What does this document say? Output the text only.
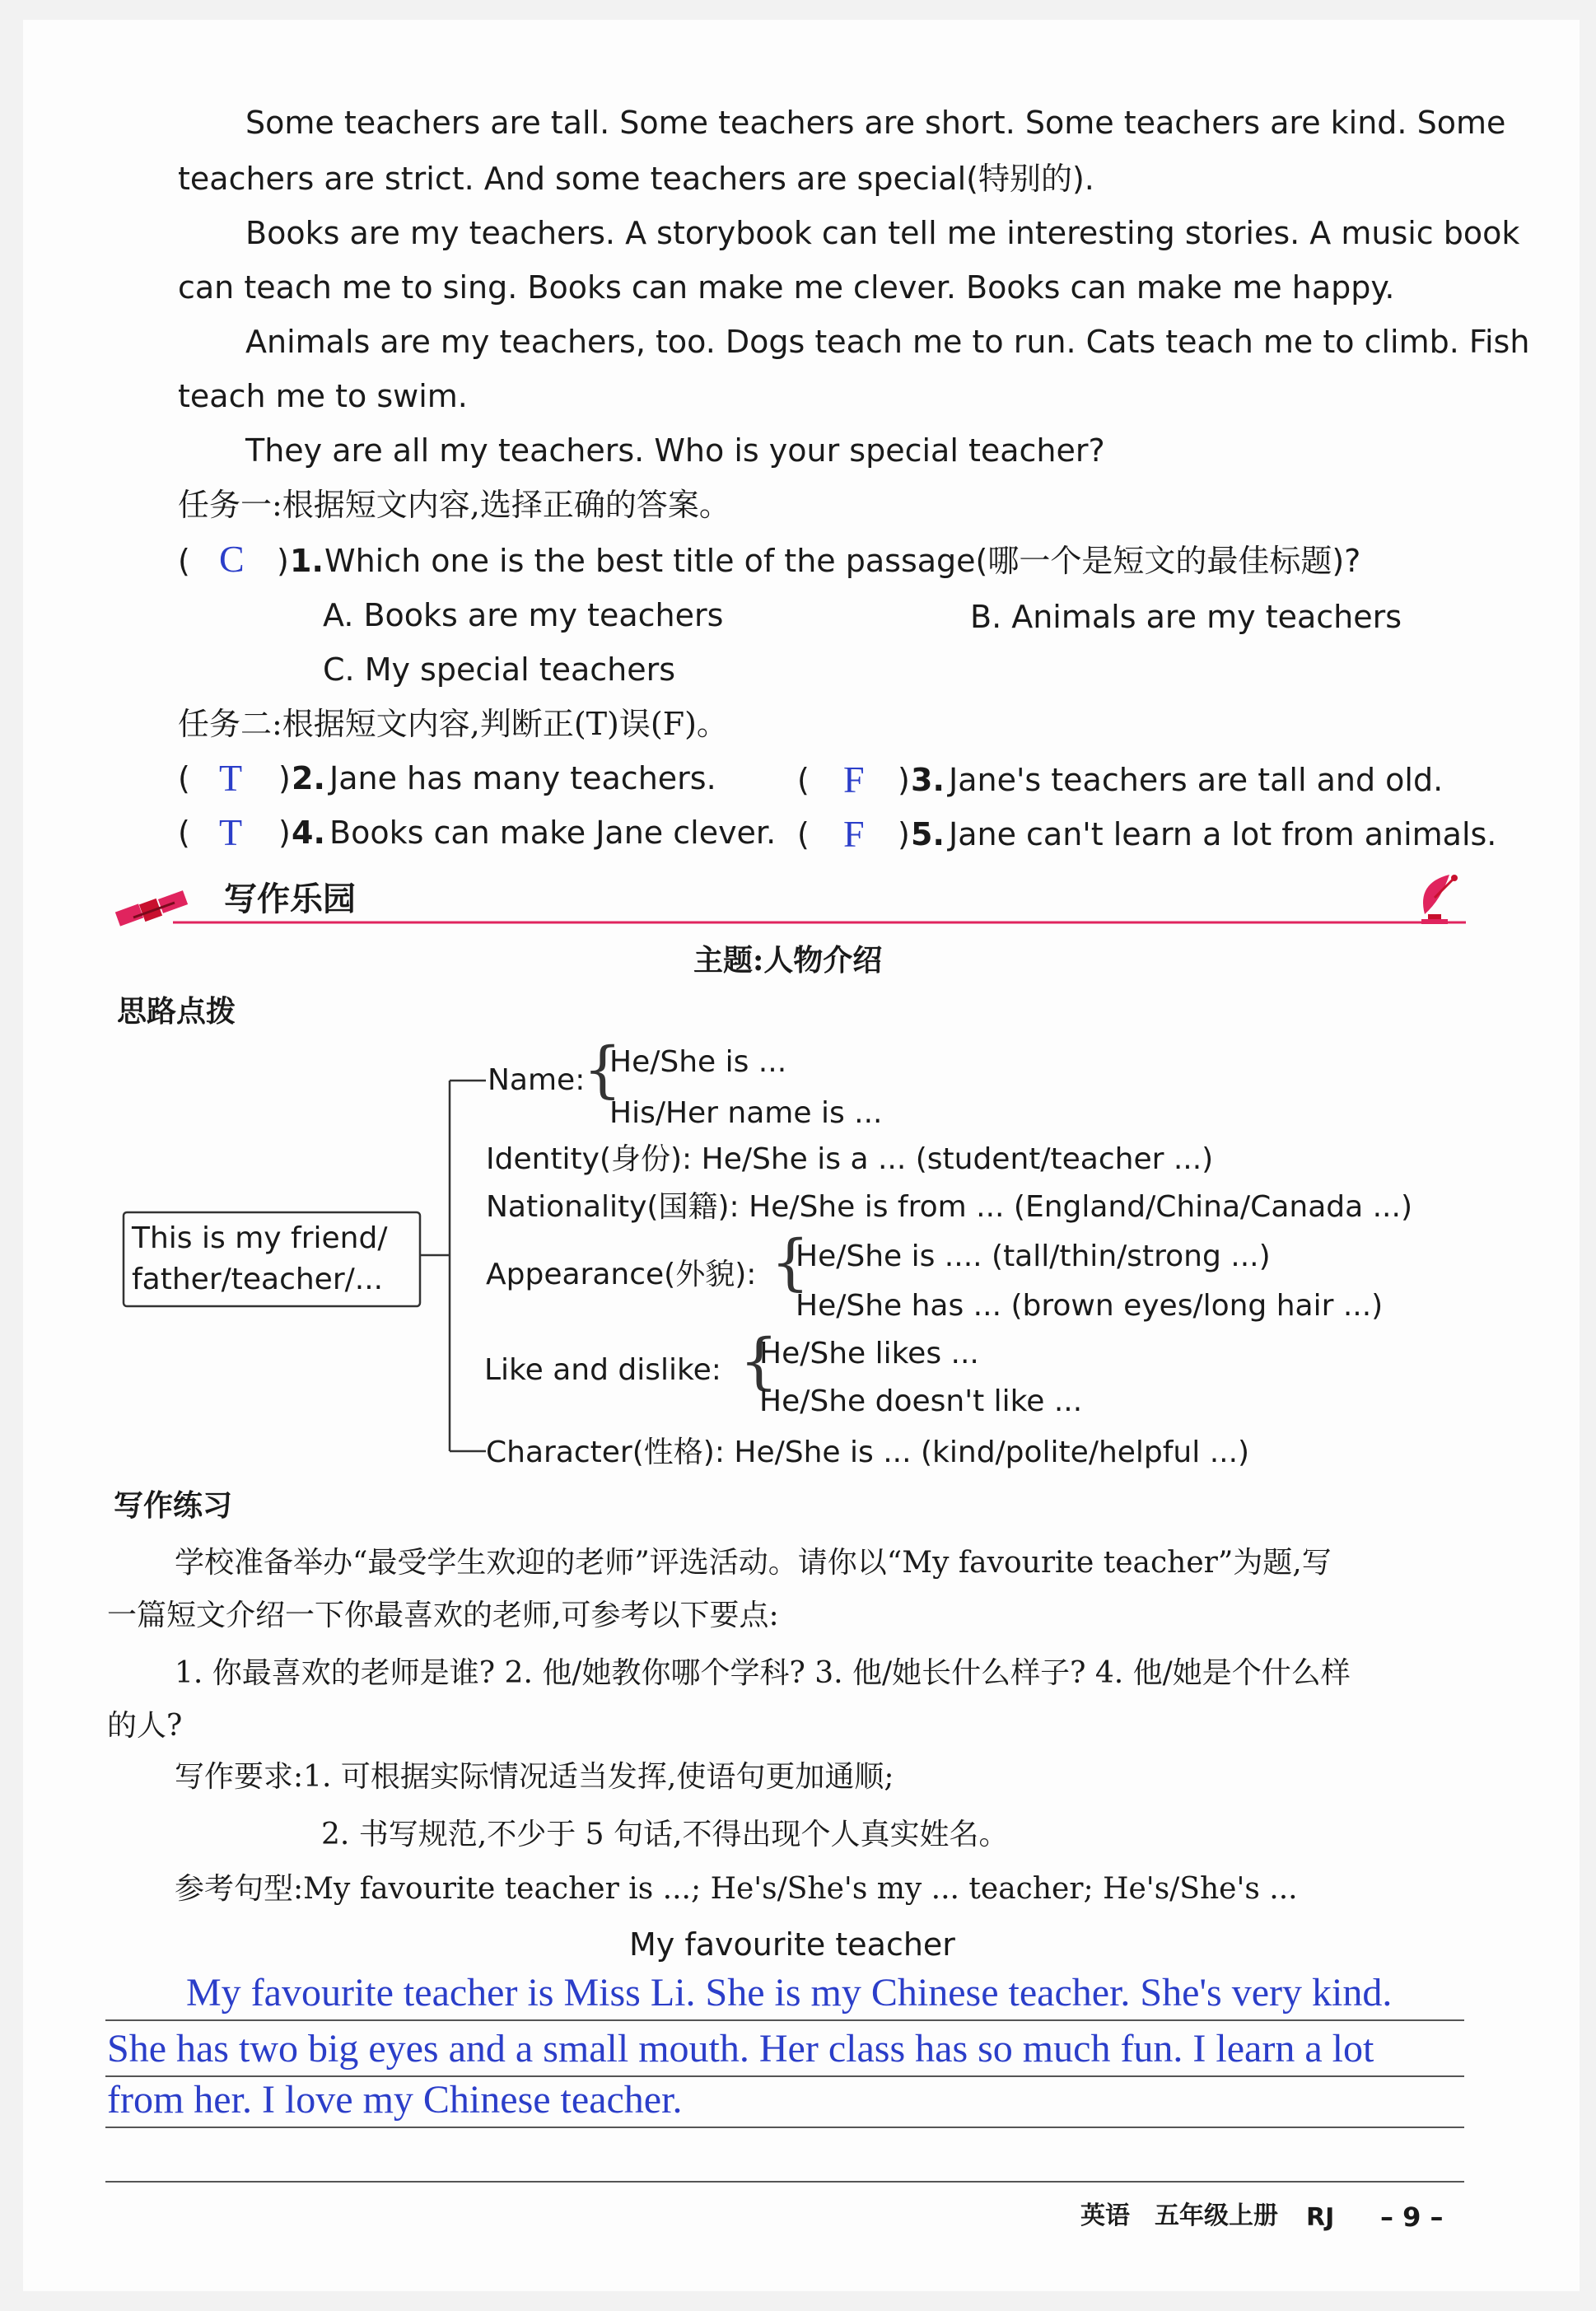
Some teachers are tall. Some teachers are short. Some teachers are kind. Some
teachers are strict. And some teachers are special(特别的).
Books are my teachers. A storybook can tell me interesting stories. A music book
can teach me to sing. Books can make me clever. Books can make me happy.
Animals are my teachers, too. Dogs teach me to run. Cats teach me to climb. Fish
teach me to swim.
They are all my teachers. Who is your special teacher?
任务一:根据短文内容,选择正确的答案。
( C ) 1. Which one is the best title of the passage(哪一个是短文的最佳标题)?
A. Books are my teachers	B. Animals are my teachers
C. My special teachers
任务二:根据短文内容,判断正(T)误(F)。
( T ) 2. Jane has many teachers.	( F ) 3. Jane's teachers are tall and old.
( T ) 4. Books can make Jane clever. ( F ) 5. Jane can't learn a lot from animals.
写作乐园
主题:人物介绍
思路点拨
This is my friend/
father/teacher/...
Name:
{
He/She is ...
His/Her name is ...
Identity(身份): He/She is a ... (student/teacher ...)
Nationality(国籍): He/She is from ... (England/China/Canada ...)
Appearance(外貌): {
He/She is .... (tall/thin/strong ...)
He/She has ... (brown eyes/long hair ...)
Like and dislike: {
He/She likes ...
He/She doesn't like ...
Character(性格): He/She is ... (kind/polite/helpful ...)
写作练习
学校准备举办“最受学生欢迎的老师”评选活动。请你以“My favourite teacher”为题,写
一篇短文介绍一下你最喜欢的老师,可参考以下要点:
1. 你最喜欢的老师是谁? 2. 他/她教你哪个学科? 3. 他/她长什么样子? 4. 他/她是个什么样
的人?
写作要求:1. 可根据实际情况适当发挥,使语句更加通顺;
2. 书写规范,不少于 5 句话,不得出现个人真实姓名。
参考句型:My favourite teacher is ...; He's/She's my ... teacher; He's/She's ...
My favourite teacher
My favourite teacher is Miss Li. She is my Chinese teacher. She's very kind.
She has two big eyes and a small mouth. Her class has so much fun. I learn a lot
from her. I love my Chinese teacher.
英语 五年级上册 RJ – 9 –
